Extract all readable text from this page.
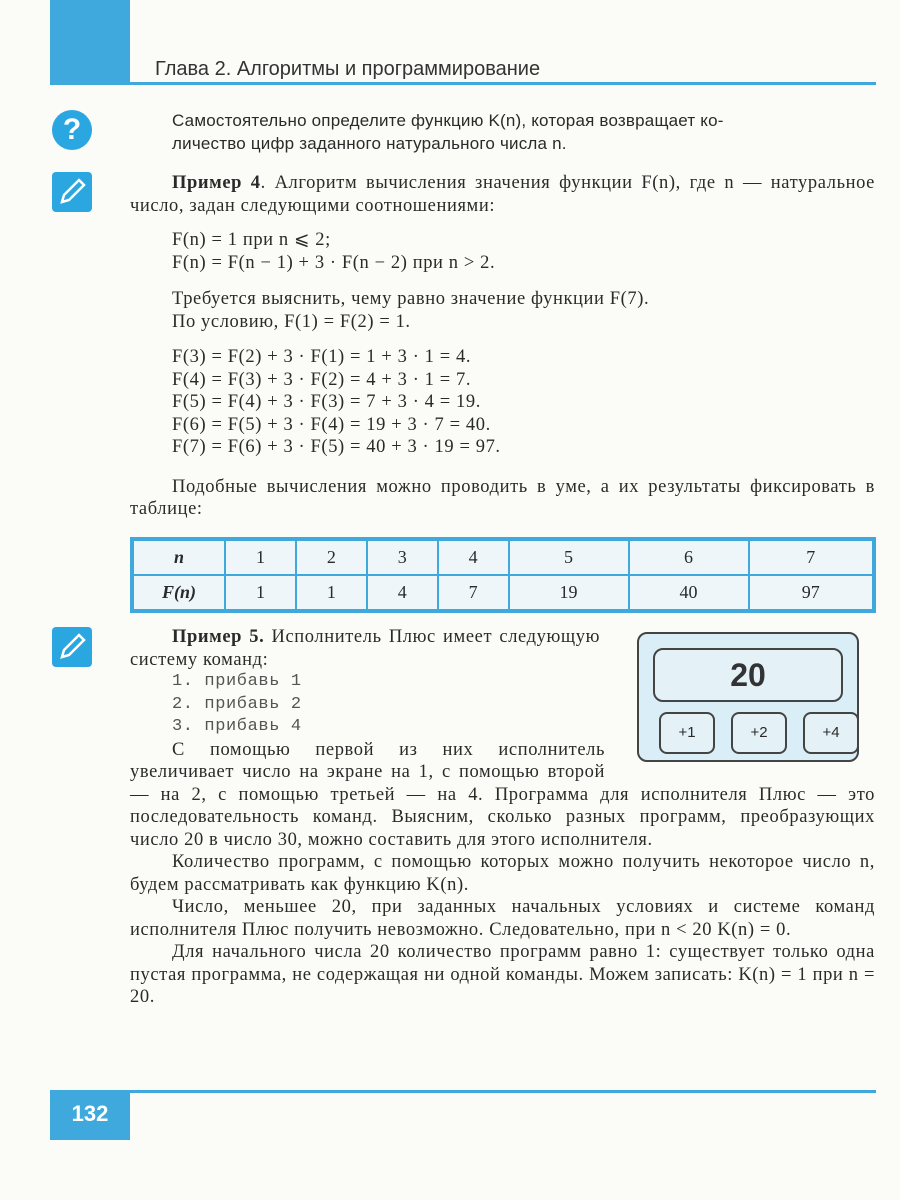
Глава 2. Алгоритмы и программирование
?	Самостоятельно определите функцию K(n), которая возвращает ко-

личество цифр заданного натурального числа n.

Пример 4. Алгоритм вычисления значения функции F(n), где n — натуральное число, задан следующими соотношениями:

F(n) = 1 при n ⩽ 2;

F(n) = F(n − 1) + 3 · F(n − 2) при n > 2.

Требуется выяснить, чему равно значение функции F(7).

По условию, F(1) = F(2) = 1.

F(3) = F(2) + 3 · F(1) = 1 + 3 · 1 = 4.

F(4) = F(3) + 3 · F(2) = 4 + 3 · 1 = 7.

F(5) = F(4) + 3 · F(3) = 7 + 3 · 4 = 19.

F(6) = F(5) + 3 · F(4) = 19 + 3 · 7 = 40.

F(7) = F(6) + 3 · F(5) = 40 + 3 · 19 = 97.

Подобные вычисления можно проводить в уме, а их результаты фиксировать в таблице:

n	1	2	3	4	5	6	7
F(n)	1	1	4	7	19	40	97

Пример 5. Исполнитель Плюс имеет следующую систему команд:

1. прибавь 1

2. прибавь 2

3. прибавь 4

С помощью первой из них исполнитель увеличивает число на экране на 1, с помощью второй — на 2, с помощью третьей — на 4. Программа для исполнителя Плюс — это последовательность команд. Выясним, сколько разных программ, преобразующих число 20 в число 30, можно составить для этого исполнителя.

Количество программ, с помощью которых можно получить некоторое число n, будем рассматривать как функцию K(n).

Число, меньшее 20, при заданных начальных условиях и системе команд исполнителя Плюс получить невозможно. Следовательно, при n < 20 K(n) = 0.

Для начального числа 20 количество программ равно 1: существует только одна пустая программа, не содержащая ни одной команды. Можем записать: K(n) = 1 при n = 20.

20
+1	+2	+4
132
